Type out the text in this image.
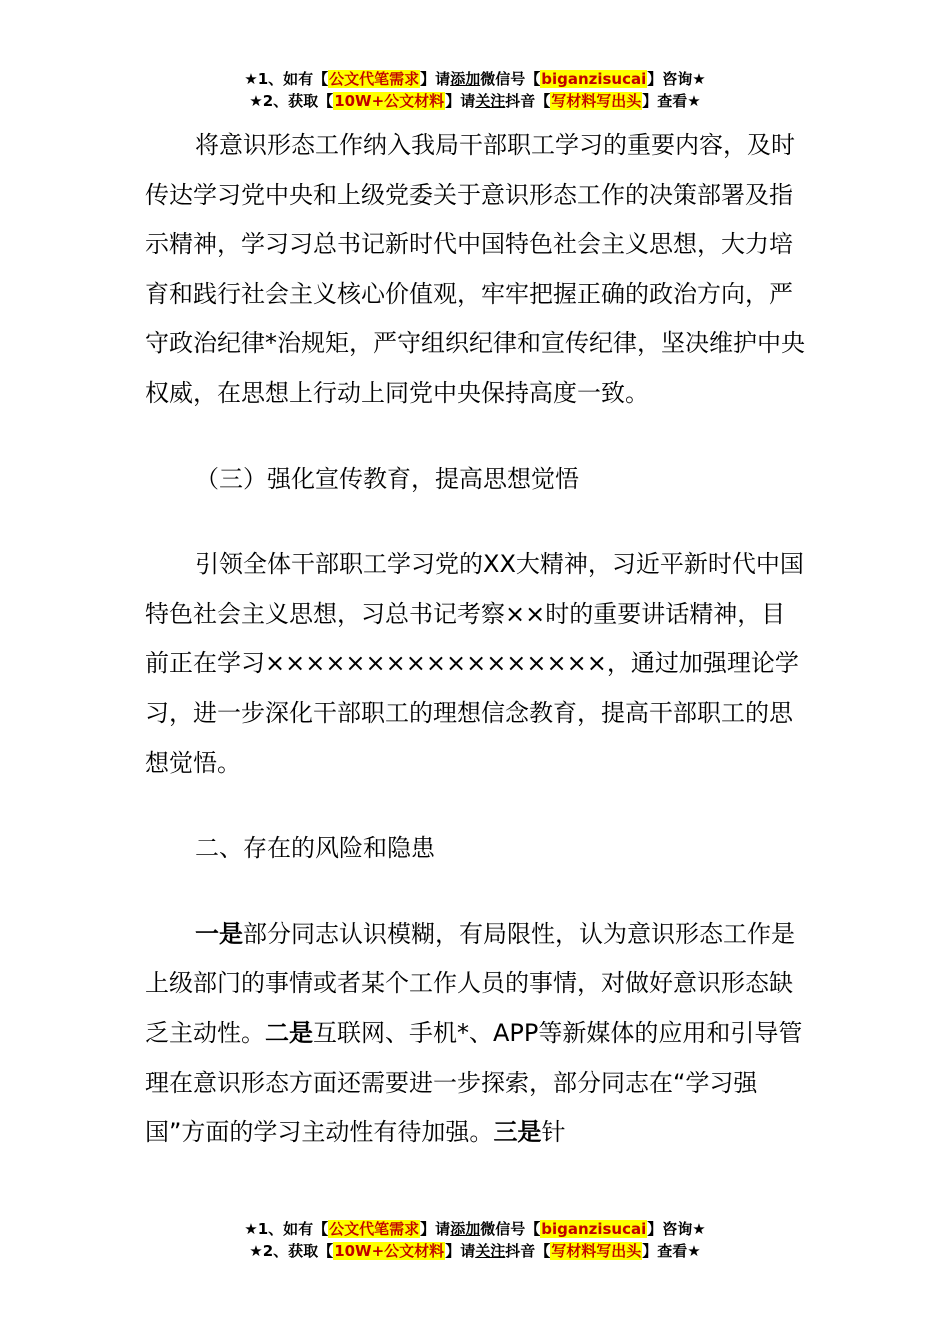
★1、如有【公文代笔需求】请添加微信号【biganzisucai】咨询★
★2、获取【10W+公文材料】请关注抖音【写材料写出头】查看★

将意识形态工作纳入我局干部职工学习的重要内容，及时传达学习党中央和上级党委关于意识形态工作的决策部署及指示精神，学习习总书记新时代中国特色社会主义思想，大力培育和践行社会主义核心价值观，牢牢把握正确的政治方向，严守政治纪律*治规矩，严守组织纪律和宣传纪律，坚决维护中央权威，在思想上行动上同党中央保持高度一致。

（三）强化宣传教育，提高思想觉悟

引领全体干部职工学习党的XX大精神，习近平新时代中国特色社会主义思想，习总书记考察××时的重要讲话精神，目前正在学习×××××××××××××××××，通过加强理论学习，进一步深化干部职工的理想信念教育，提高干部职工的思想觉悟。

二、存在的风险和隐患

一是部分同志认识模糊，有局限性，认为意识形态工作是上级部门的事情或者某个工作人员的事情，对做好意识形态缺乏主动性。二是互联网、手机*、APP等新媒体的应用和引导管理在意识形态方面还需要进一步探索，部分同志在“学习强国”方面的学习主动性有待加强。三是针

★1、如有【公文代笔需求】请添加微信号【biganzisucai】咨询★
★2、获取【10W+公文材料】请关注抖音【写材料写出头】查看★
